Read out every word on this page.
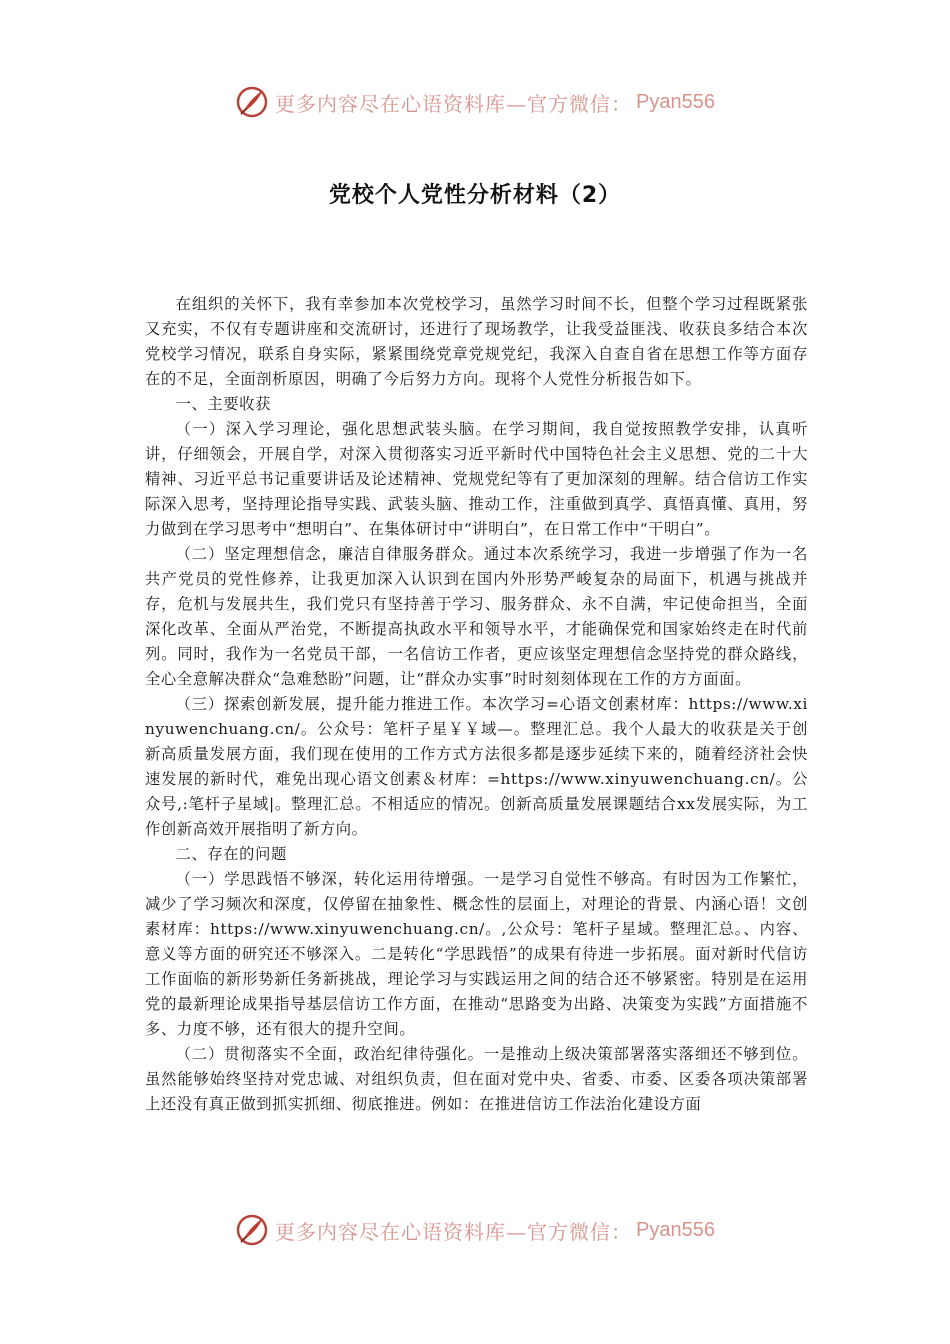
更多内容尽在心语资料库—官方微信： Pyan556
党校个人党性分析材料（2）

在组织的关怀下，我有幸参加本次党校学习，虽然学习时间不长，但整个学习过程既紧张又充实，不仅有专题讲座和交流研讨，还进行了现场教学，让我受益匪浅、收获良多结合本次党校学习情况，联系自身实际，紧紧围绕党章党规党纪，我深入自查自省在思想工作等方面存在的不足，全面剖析原因，明确了今后努力方向。现将个人党性分析报告如下。

一、主要收获

（一）深入学习理论，强化思想武装头脑。在学习期间，我自觉按照教学安排，认真听讲，仔细领会，开展自学，对深入贯彻落实习近平新时代中国特色社会主义思想、党的二十大精神、习近平总书记重要讲话及论述精神、党规党纪等有了更加深刻的理解。结合信访工作实际深入思考，坚持理论指导实践、武装头脑、推动工作，注重做到真学、真悟真懂、真用，努力做到在学习思考中“想明白”、在集体研讨中“讲明白”，在日常工作中“干明白”。

（二）坚定理想信念，廉洁自律服务群众。通过本次系统学习，我进一步增强了作为一名共产党员的党性修养，让我更加深入认识到在国内外形势严峻复杂的局面下，机遇与挑战并存，危机与发展共生，我们党只有坚持善于学习、服务群众、永不自满，牢记使命担当，全面深化改革、全面从严治党，不断提高执政水平和领导水平，才能确保党和国家始终走在时代前列。同时，我作为一名党员干部，一名信访工作者，更应该坚定理想信念坚持党的群众路线，全心全意解决群众“急难愁盼”问题，让“群众办实事”时时刻刻体现在工作的方方面面。

（三）探索创新发展，提升能力推进工作。本次学习=心语文创素材库：https://www.xinyuwenchuang.cn/。公众号：笔杆子星￥￥域—。整理汇总。我个人最大的收获是关于创新高质量发展方面，我们现在使用的工作方式方法很多都是逐步延续下来的，随着经济社会快速发展的新时代，难免出现心语文创素＆材库：=https://www.xinyuwenchuang.cn/。公众号,:笔杆子星域|。整理汇总。不相适应的情况。创新高质量发展课题结合xx发展实际，为工作创新高效开展指明了新方向。

二、存在的问题

（一）学思践悟不够深，转化运用待增强。一是学习自觉性不够高。有时因为工作繁忙，减少了学习频次和深度，仅停留在抽象性、概念性的层面上，对理论的背景、内涵心语！文创素材库：https://www.xinyuwenchuang.cn/。,公众号：笔杆子星域。整理汇总。、内容、意义等方面的研究还不够深入。二是转化“学思践悟”的成果有待进一步拓展。面对新时代信访工作面临的新形势新任务新挑战，理论学习与实践运用之间的结合还不够紧密。特别是在运用党的最新理论成果指导基层信访工作方面，在推动“思路变为出路、决策变为实践”方面措施不多、力度不够，还有很大的提升空间。

（二）贯彻落实不全面，政治纪律待强化。一是推动上级决策部署落实落细还不够到位。虽然能够始终坚持对党忠诚、对组织负责，但在面对党中央、省委、市委、区委各项决策部署上还没有真正做到抓实抓细、彻底推进。例如：在推进信访工作法治化建设方面

更多内容尽在心语资料库—官方微信： Pyan556
